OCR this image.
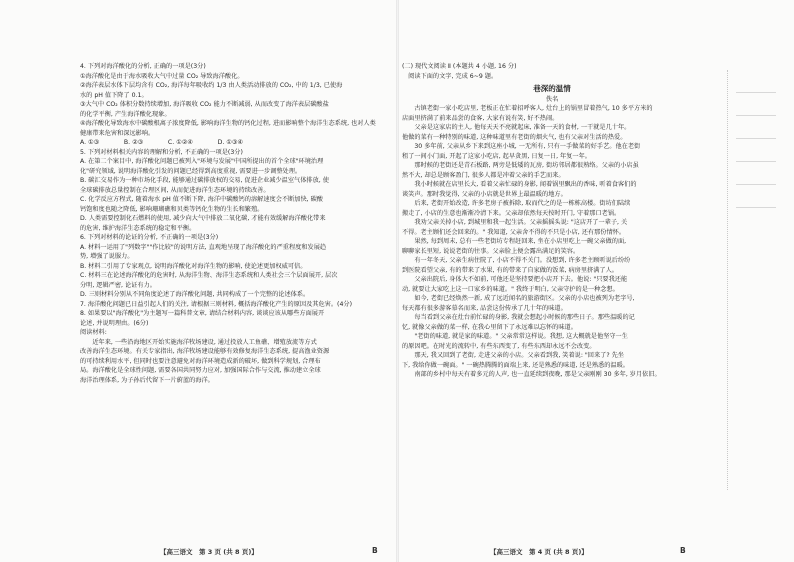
4. 下列对海洋酸化的分析, 正确的一项是(3分)

①海洋酸化是由于海水吸收大气中过量 CO₂ 导致海洋酸化。

②海洋表层水体下层均含有 CO₂, 海洋每年吸收约 1/3 由人类活动排放的 CO₂, 中的 1/3, 已使海

水的 pH 值下降了 0.1。

③大气中 CO₂ 体积分数持续增加, 海洋吸收 CO₂ 能力不断减弱, 从而改变了海洋表层碳酸盐

的化学平衡, 产生海洋酸化现象。

④海洋酸化导致海水中碳酸根离子浓度降低, 影响海洋生物的钙化过程, 进而影响整个海洋生态系统, 也对人类

健康带来危害和深远影响。

A. ①③　　　　B. ②③　　　　C. ①②④　　　　D. ①③④

5. 下列对材料相关内容的理解和分析, 不正确的一项是(3分)

A. 在第二个案目中, 海洋酸化问题已被列入"环境与发展"中国所提出的首个全球"环境治理

化"研究领域, 说明海洋酸化引发的问题已经得到高度重视, 需要进一步调整处理。

B. 碳汇交易作为一种市场化手段, 能够通过碳排放权的交易, 促进企业减少温室气体排放, 使

全球碳排放总量控制在合理区间, 从而促进海洋生态环境的持续改善。

C. 化学反应方程式, 随着海水 pH 值不断下降, 海洋中碳酸钙的溶解速度会不断加快, 碳酸

钙饱和度也随之降低, 影响珊瑚礁和贝类等钙化生物的生长和繁殖。

D. 人类需要控制化石燃料的使用, 减少向大气中排放二氧化碳, 才能有效缓解海洋酸化带来

的危害, 维护海洋生态系统的稳定和平衡。

6. 下列对材料的论证的分析, 不正确的一项是(3分)

A. 材料一运用了"列数字""作比较"的说明方法, 直观地呈现了海洋酸化的严重程度和发展趋

势, 增强了说服力。

B. 材料二引用了专家观点, 说明海洋酸化对海洋生物的影响, 使论述更加权威可信。

C. 材料三在论述海洋酸化的危害时, 从海洋生物、海洋生态系统和人类社会三个层面展开, 层次

分明, 逻辑严密, 论证有力。

D. 三则材料分别从不同角度论述了海洋酸化问题, 共同构成了一个完整的论述体系。

7. 海洋酸化问题已日益引起人们的关注, 请根据三则材料, 概括海洋酸化产生的原因及其危害。(4分)

8. 如果要以"海洋酸化"为主题写一篇科普文章, 请结合材料内容, 谈谈应该从哪些方面展开

论述, 并说明理由。(6分)

阅读材料:

　　近年来, 一些沿海地区开始实施海洋牧场建设, 通过投放人工鱼礁、增殖放流等方式

改善海洋生态环境。有关专家指出, 海洋牧场建设能够有效修复海洋生态系统, 提高渔业资源

的可持续利用水平, 但同时也要注意避免对海洋环境造成新的破坏, 做到科学规划, 合理布

局。海洋酸化是全球性问题, 需要各国共同努力应对, 加强国际合作与交流, 推动建立全球

海洋治理体系, 为子孙后代留下一片蔚蓝的海洋。

(二) 现代文阅读 Ⅱ (本题共 4 小题, 16 分)

　阅读下面的文字, 完成 6~9 题。

巷深的温情

佚名

　　古镇老街一家小吃店里, 老板正在忙着招呼客人, 灶台上的锅里冒着热气, 10 多平方米的

店面里挤满了前来品尝的食客, 大家有说有笑, 好不热闹。

　　父亲是这家店的主人, 他每天天不亮就起床, 准备一天的食材, 一干就是几十年。

他做的菜有一种特别的味道, 这种味道里有老街的烟火气, 也有父亲对生活的热爱。

　　30 多年前, 父亲从乡下来到这座小城, 一无所有, 只有一手做菜的好手艺。他在老街

租了一间小门面, 开起了这家小吃店, 起早贪黑, 日复一日, 年复一年。

　　那时候的老街还是青石板路, 两旁是低矮的瓦房, 街坊邻居都很熟络。父亲的小店虽

然不大, 却总是顾客盈门, 很多人都是冲着父亲的手艺而来。

　　我小时候就在店里长大, 看着父亲忙碌的身影, 闻着锅里飘出的香味, 听着食客们的

谈笑声。那时我觉得, 父亲的小店就是世界上最温暖的地方。

　　后来, 老街开始改造, 许多老房子被拆除, 取而代之的是一栋栋高楼。街坊们陆续

搬走了, 小店的生意也渐渐冷清下来。父亲却依然每天按时开门, 守着那口老锅。

　　我劝父亲关掉小店, 到城里和我一起生活。父亲摇摇头说: "这店开了一辈子, 关

不得。老主顾们还会回来的。" 我知道, 父亲舍不得的不只是小店, 还有那份情怀。

　　果然, 每到周末, 总有一些老街坊专程赶回来, 坐在小店里吃上一碗父亲做的面,

聊聊家长里短, 说说老街的往事。父亲脸上便会露出满足的笑容。

　　有一年冬天, 父亲生病住院了, 小店不得不关门。没想到, 许多老主顾听说后纷纷

到医院看望父亲, 有的带来了水果, 有的带来了自家做的饭菜, 病房里挤满了人。

　　父亲出院后, 身体大不如前, 可他还是坚持要把小店开下去。他说: "只要我还能

动, 就要让大家吃上这一口家乡的味道。" 我终于明白, 父亲守护的是一种念想。

　　如今, 老街已经焕然一新, 成了远近闻名的旅游街区。父亲的小店也被列为老字号,

每天都有很多游客慕名而来, 品尝这份传承了几十年的味道。

　　每当看到父亲在灶台前忙碌的身影, 我就会想起小时候的那些日子。那些温暖的记

忆, 就像父亲做的菜一样, 在我心里留下了永远难以忘怀的味道。

　　"老街的味道, 就是家的味道。" 父亲常常这样说。我想, 这大概就是他坚守一生

的原因吧。在时光的流转中, 有些东西变了, 有些东西却永远不会改变。

　　那天, 我又回到了老街, 走进父亲的小店。父亲看到我, 笑着说: "回来了? 先坐

下, 我给你做一碗面。" 一碗热腾腾的面端上来, 还是熟悉的味道, 还是熟悉的温暖。

　　南部的乡村中每天有着多元的人声, 也一直延续到夜晚, 那是父亲刚刚 30 多年, 岁月依旧。

【高三语文　第 3 页 (共 8 页)】	B	【高三语文　第 4 页 (共 8 页)】	B
